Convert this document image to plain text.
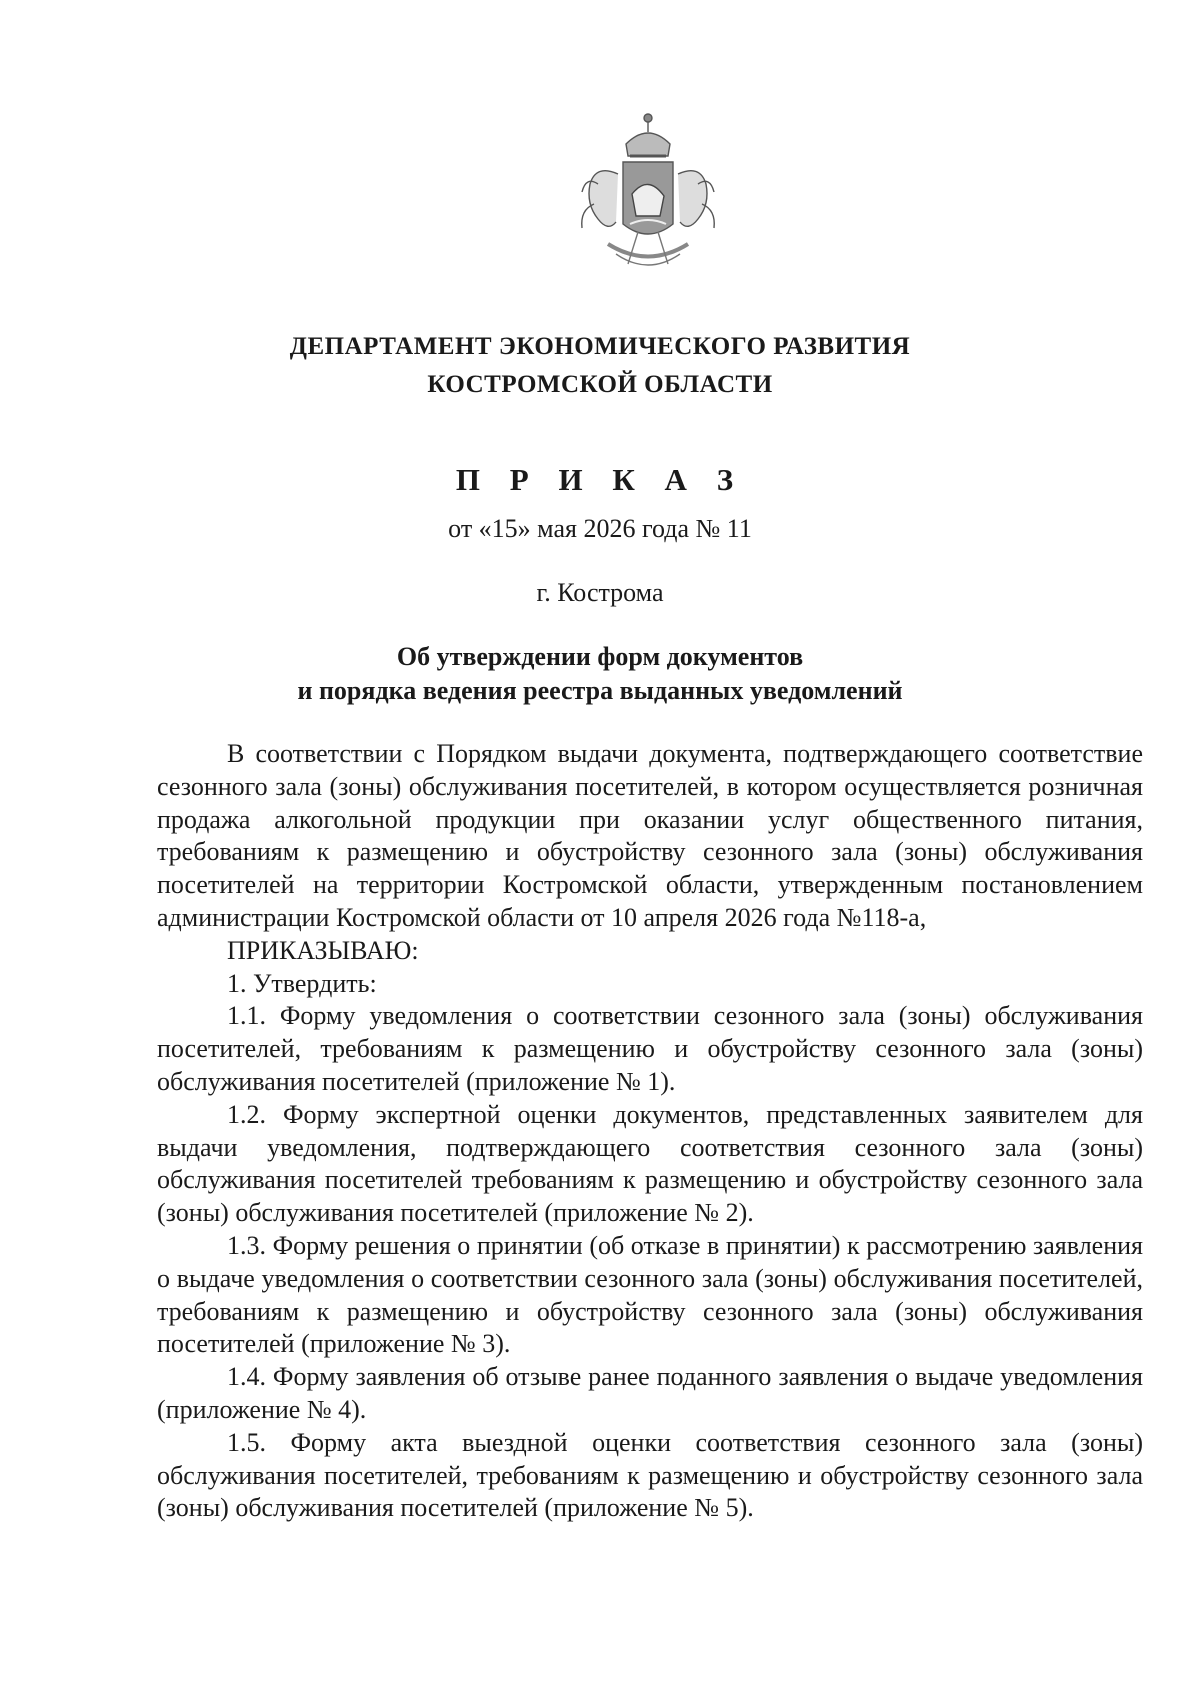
ДЕПАРТАМЕНТ ЭКОНОМИЧЕСКОГО РАЗВИТИЯ
КОСТРОМСКОЙ ОБЛАСТИ
П Р И К А З
от «15» мая 2026 года № 11
г. Кострома
Об утверждении форм документов
и порядка ведения реестра выданных уведомлений

В соответствии с Порядком выдачи документа, подтверждающего соответствие сезонного зала (зоны) обслуживания посетителей, в котором осуществляется розничная продажа алкогольной продукции при оказании услуг общественного питания, требованиям к размещению и обустройству сезонного зала (зоны) обслуживания посетителей на территории Костромской области, утвержденным постановлением администрации Костромской области от 10 апреля 2026 года №118-а,

ПРИКАЗЫВАЮ:

1. Утвердить:

1.1. Форму уведомления о соответствии сезонного зала (зоны) обслуживания посетителей, требованиям к размещению и обустройству сезонного зала (зоны) обслуживания посетителей (приложение № 1).

1.2. Форму экспертной оценки документов, представленных заявителем для выдачи уведомления, подтверждающего соответствия сезонного зала (зоны) обслуживания посетителей требованиям к размещению и обустройству сезонного зала (зоны) обслуживания посетителей (приложение № 2).

1.3. Форму решения о принятии (об отказе в принятии) к рассмотрению заявления о выдаче уведомления о соответствии сезонного зала (зоны) обслуживания посетителей, требованиям к размещению и обустройству сезонного зала (зоны) обслуживания посетителей (приложение № 3).

1.4. Форму заявления об отзыве ранее поданного заявления о выдаче уведомления (приложение № 4).

1.5. Форму акта выездной оценки соответствия сезонного зала (зоны) обслуживания посетителей, требованиям к размещению и обустройству сезонного зала (зоны) обслуживания посетителей (приложение № 5).
